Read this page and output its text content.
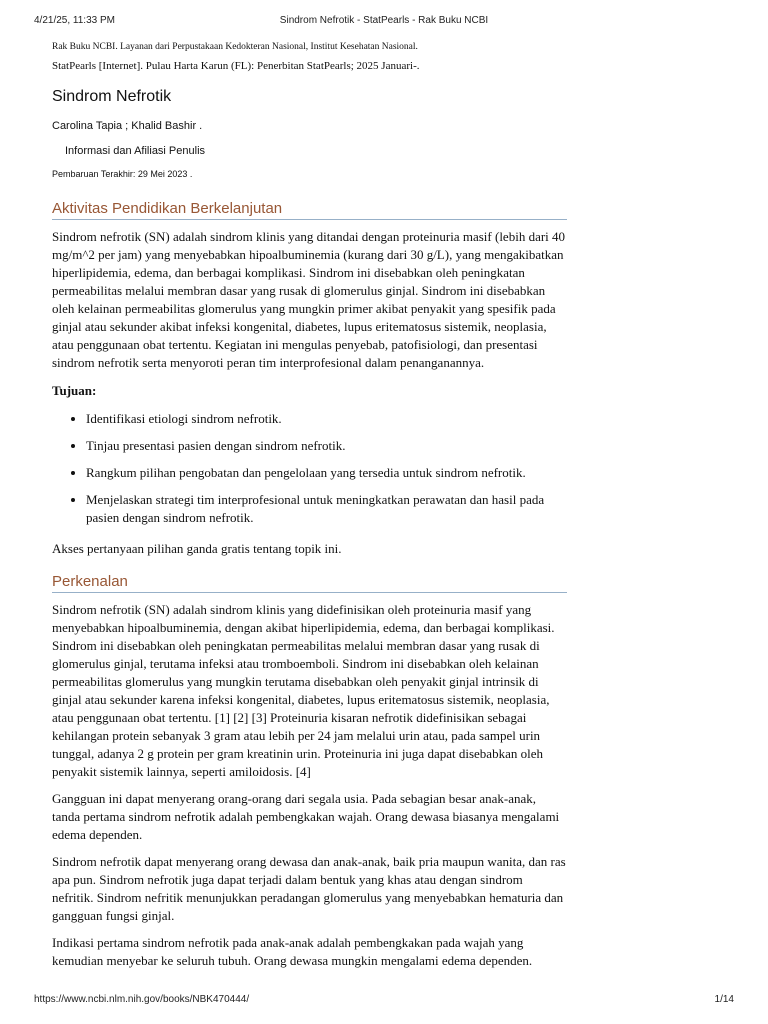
4/21/25, 11:33 PM	Sindrom Nefrotik - StatPearls - Rak Buku NCBI

Rak Buku NCBI. Layanan dari Perpustakaan Kedokteran Nasional, Institut Kesehatan Nasional.

StatPearls [Internet]. Pulau Harta Karun (FL): Penerbitan StatPearls; 2025 Januari-.

Sindrom Nefrotik

Carolina Tapia ; Khalid Bashir .

Informasi dan Afiliasi Penulis

Pembaruan Terakhir: 29 Mei 2023 .

Aktivitas Pendidikan Berkelanjutan

Sindrom nefrotik (SN) adalah sindrom klinis yang ditandai dengan proteinuria masif (lebih dari 40 mg/m^2 per jam) yang menyebabkan hipoalbuminemia (kurang dari 30 g/L), yang mengakibatkan hiperlipidemia, edema, dan berbagai komplikasi. Sindrom ini disebabkan oleh peningkatan permeabilitas melalui membran dasar yang rusak di glomerulus ginjal. Sindrom ini disebabkan oleh kelainan permeabilitas glomerulus yang mungkin primer akibat penyakit yang spesifik pada ginjal atau sekunder akibat infeksi kongenital, diabetes, lupus eritematosus sistemik, neoplasia, atau penggunaan obat tertentu. Kegiatan ini mengulas penyebab, patofisiologi, dan presentasi sindrom nefrotik serta menyoroti peran tim interprofesional dalam penanganannya.

Tujuan:

• Identifikasi etiologi sindrom nefrotik.
• Tinjau presentasi pasien dengan sindrom nefrotik.
• Rangkum pilihan pengobatan dan pengelolaan yang tersedia untuk sindrom nefrotik.
• Menjelaskan strategi tim interprofesional untuk meningkatkan perawatan dan hasil pada pasien dengan sindrom nefrotik.

Akses pertanyaan pilihan ganda gratis tentang topik ini.

Perkenalan

Sindrom nefrotik (SN) adalah sindrom klinis yang didefinisikan oleh proteinuria masif yang menyebabkan hipoalbuminemia, dengan akibat hiperlipidemia, edema, dan berbagai komplikasi. Sindrom ini disebabkan oleh peningkatan permeabilitas melalui membran dasar yang rusak di glomerulus ginjal, terutama infeksi atau tromboemboli. Sindrom ini disebabkan oleh kelainan permeabilitas glomerulus yang mungkin terutama disebabkan oleh penyakit ginjal intrinsik di ginjal atau sekunder karena infeksi kongenital, diabetes, lupus eritematosus sistemik, neoplasia, atau penggunaan obat tertentu. [1] [2] [3] Proteinuria kisaran nefrotik didefinisikan sebagai kehilangan protein sebanyak 3 gram atau lebih per 24 jam melalui urin atau, pada sampel urin tunggal, adanya 2 g protein per gram kreatinin urin. Proteinuria ini juga dapat disebabkan oleh penyakit sistemik lainnya, seperti amiloidosis. [4]

Gangguan ini dapat menyerang orang-orang dari segala usia. Pada sebagian besar anak-anak, tanda pertama sindrom nefrotik adalah pembengkakan wajah. Orang dewasa biasanya mengalami edema dependen.

Sindrom nefrotik dapat menyerang orang dewasa dan anak-anak, baik pria maupun wanita, dan ras apa pun. Sindrom nefrotik juga dapat terjadi dalam bentuk yang khas atau dengan sindrom nefritik. Sindrom nefritik menunjukkan peradangan glomerulus yang menyebabkan hematuria dan gangguan fungsi ginjal.

Indikasi pertama sindrom nefrotik pada anak-anak adalah pembengkakan pada wajah yang kemudian menyebar ke seluruh tubuh. Orang dewasa mungkin mengalami edema dependen.

https://www.ncbi.nlm.nih.gov/books/NBK470444/	1/14
